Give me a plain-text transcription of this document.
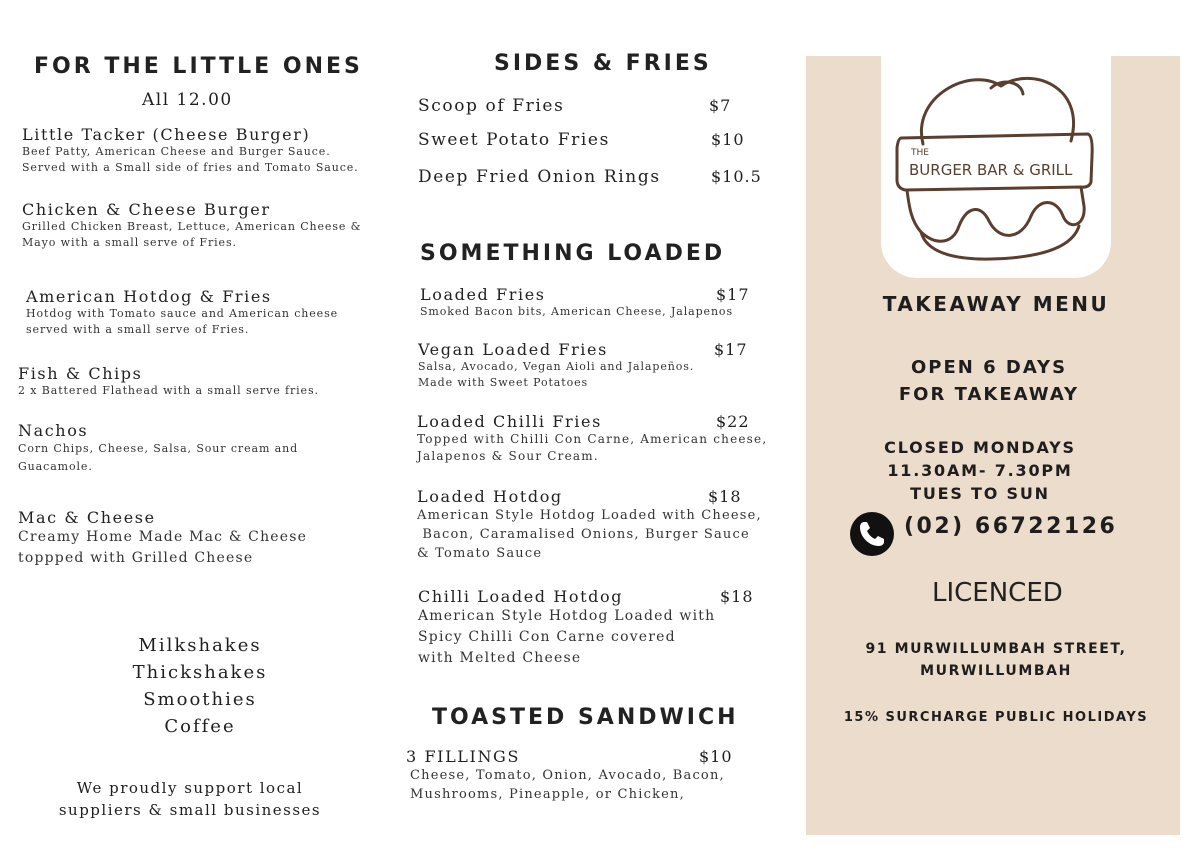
FOR THE LITTLE ONES
All 12.00
Little Tacker (Cheese Burger)
Beef Patty, American Cheese and Burger Sauce.
Served with a Small side of fries and Tomato Sauce.
Chicken & Cheese Burger
Grilled Chicken Breast, Lettuce, American Cheese &
Mayo with a small serve of Fries.
American Hotdog & Fries
Hotdog with Tomato sauce and American cheese
served with a small serve of Fries.
Fish & Chips
2 x Battered Flathead with a small serve fries.
Nachos
Corn Chips, Cheese, Salsa, Sour cream and
Guacamole.
Mac & Cheese
Creamy Home Made Mac & Cheese
toppped with Grilled Cheese
Milkshakes
Thickshakes
Smoothies
Coffee
We proudly support local
suppliers & small businesses
SIDES & FRIES
Scoop of Fries	$7
Sweet Potato Fries	$10
Deep Fried Onion Rings	$10.5
SOMETHING LOADED
Loaded Fries
Smoked Bacon bits, American Cheese, Jalapenos
$17
Vegan Loaded Fries
Salsa, Avocado, Vegan Aioli and Jalapeños.
Made with Sweet Potatoes
$17
Loaded Chilli Fries
Topped with Chilli Con Carne, American cheese,
Jalapenos & Sour Cream.
$22
Loaded Hotdog
American Style Hotdog Loaded with Cheese,
Bacon, Caramalised Onions, Burger Sauce
& Tomato Sauce
$18
Chilli Loaded Hotdog
American Style Hotdog Loaded with
Spicy Chilli Con Carne covered
with Melted Cheese
$18
TOASTED SANDWICH
3 FILLINGS
Cheese, Tomato, Onion, Avocado, Bacon,
Mushrooms, Pineapple, or Chicken,
$10
THE
BURGER BAR & GRILL
TAKEAWAY MENU
OPEN 6 DAYS
FOR TAKEAWAY
CLOSED MONDAYS
11.30AM- 7.30PM
TUES TO SUN
(02) 66722126
LICENCED
91 MURWILLUMBAH STREET,
MURWILLUMBAH
15% SURCHARGE PUBLIC HOLIDAYS
